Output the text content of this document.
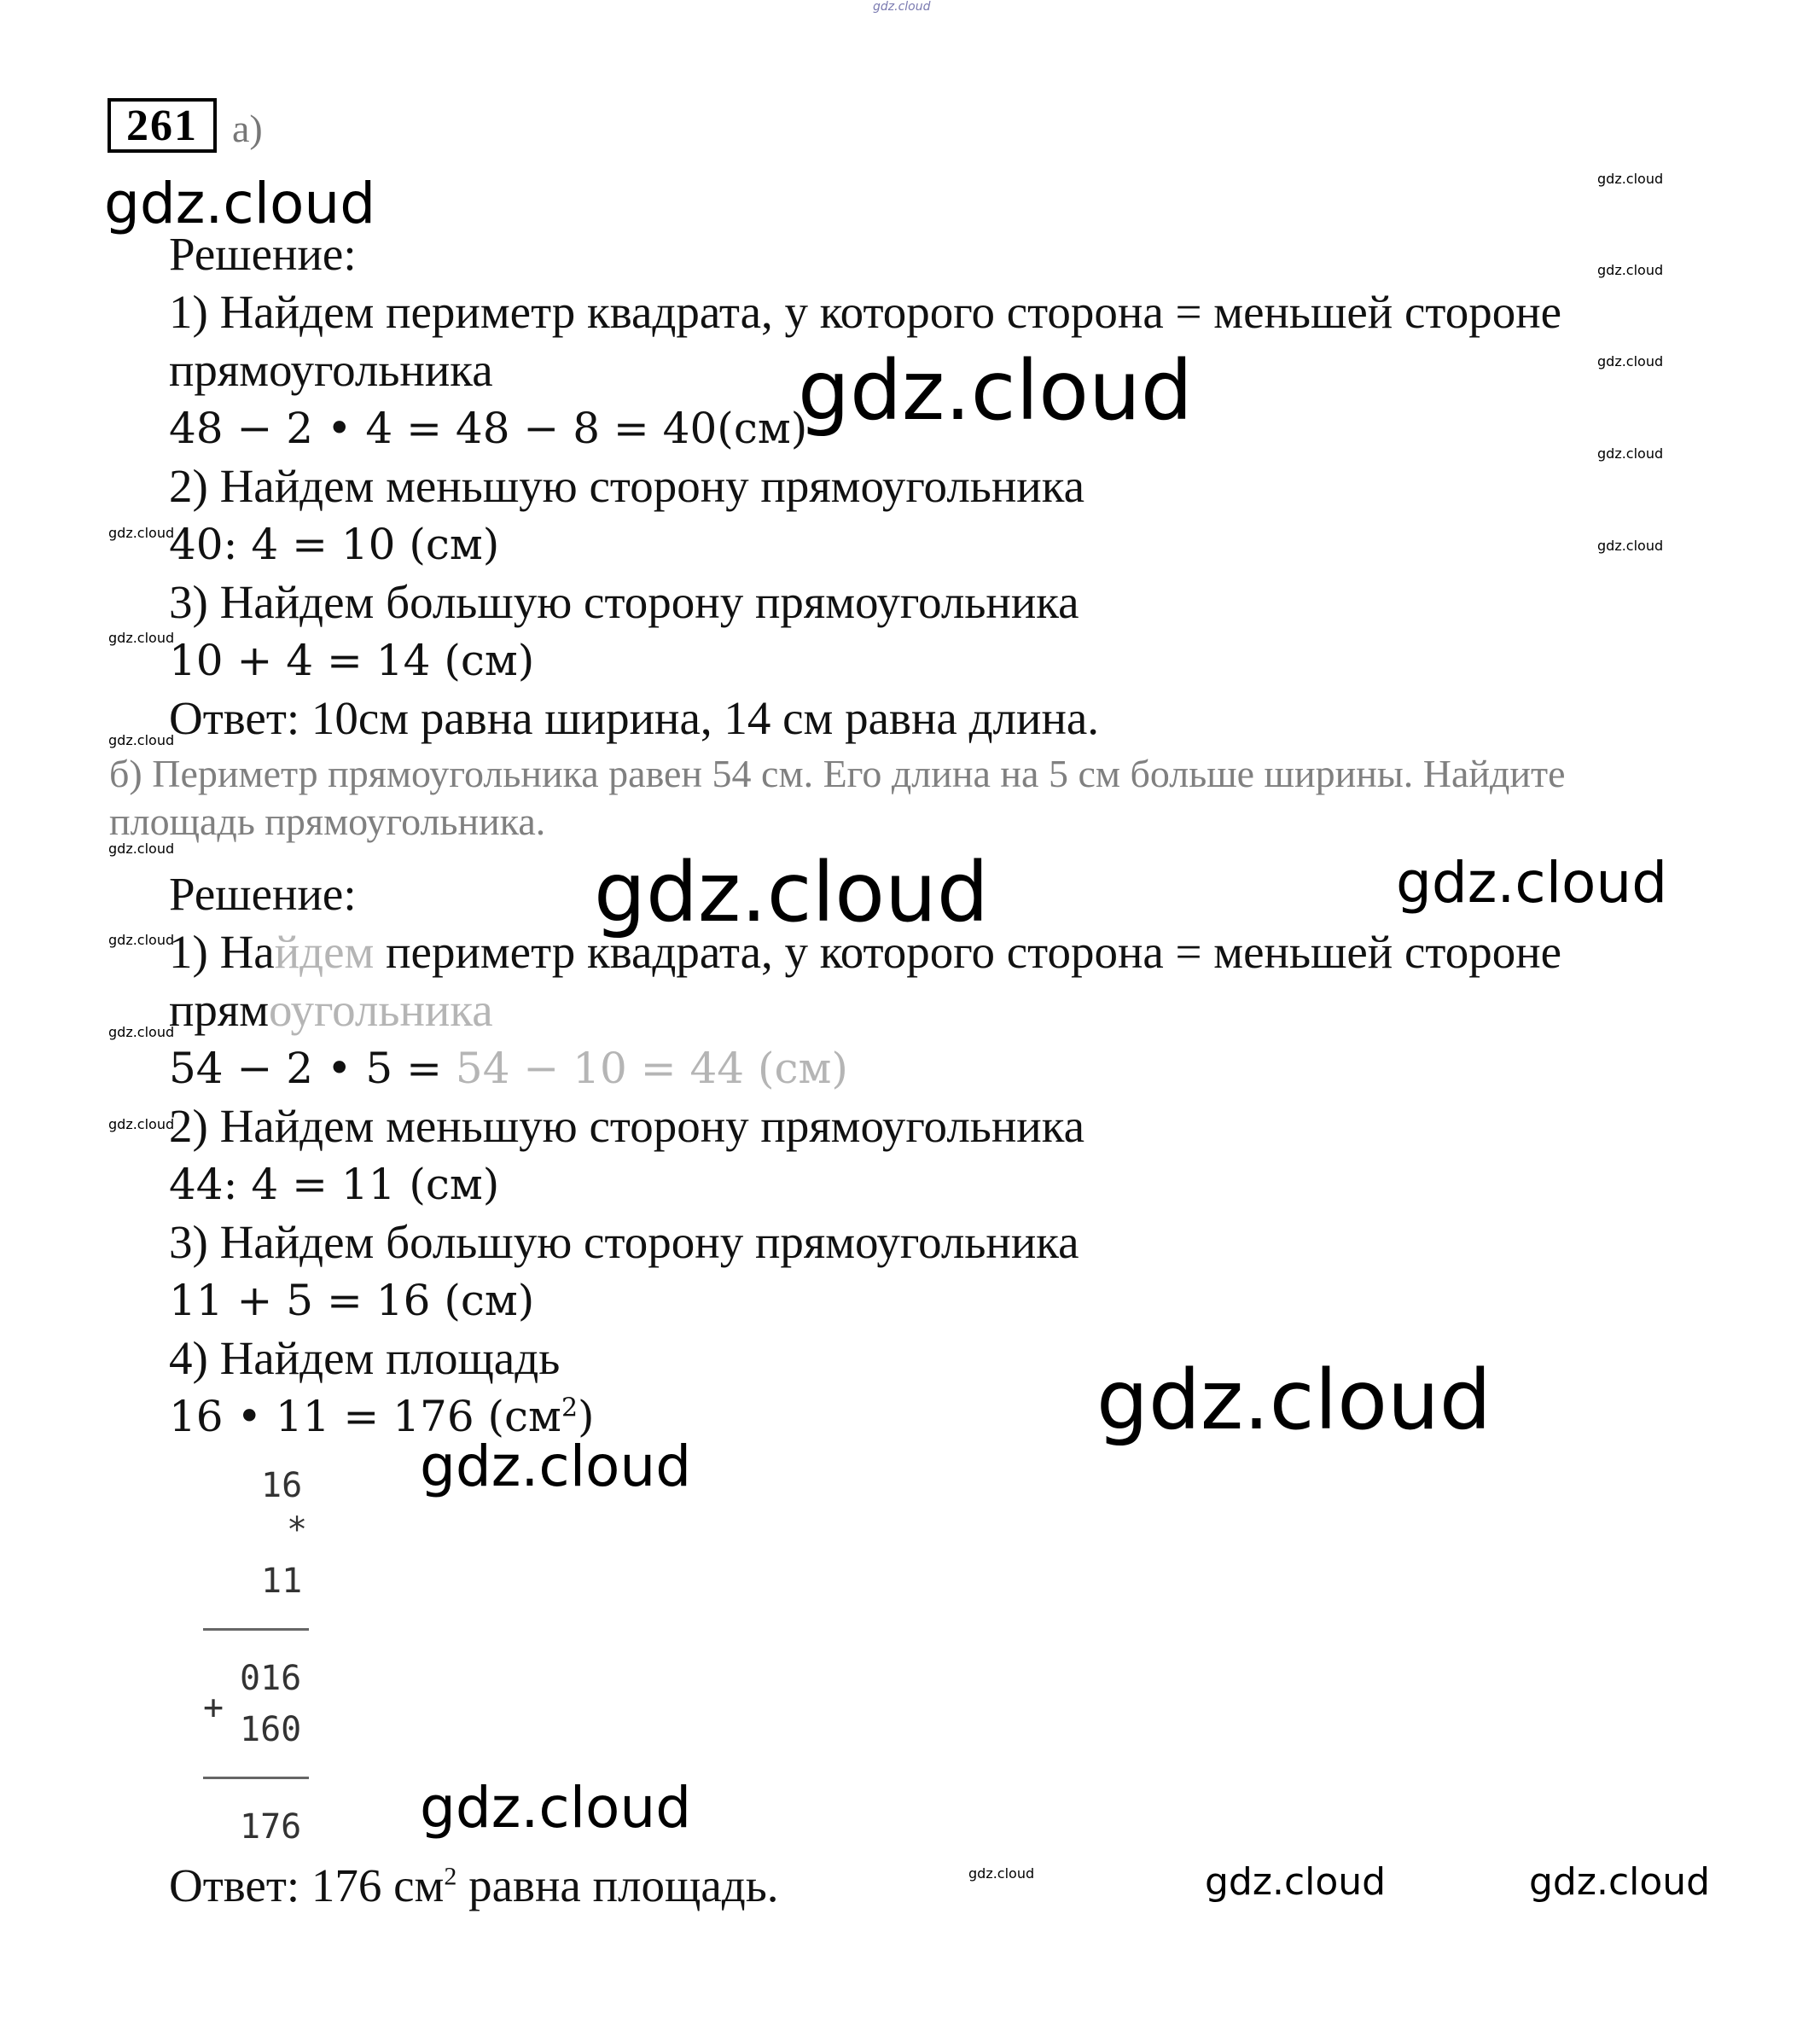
gdz.cloud
261 а)
gdz.cloud
gdz.cloud
gdz.cloud	gdz.cloud
gdz.cloud
gdz.cloud
gdz.cloud
gdz.cloud	gdz.cloud
gdz.cloud
gdz.cloud
gdz.cloud
gdz.cloud
gdz.cloud
gdz.cloud
gdz.cloud
gdz.cloud
gdz.cloud
gdz.cloud
gdz.cloud
gdz.cloud
gdz.cloud
Решение:
1) Найдем периметр квадрата, у которого сторона = меньшей стороне
прямоугольника
48 − 2 • 4 = 48 − 8 = 40(см)
2) Найдем меньшую сторону прямоугольника
40: 4 = 10 (см)
3) Найдем большую сторону прямоугольника
10 + 4 = 14 (см)
Ответ: 10см равна ширина, 14 см равна длина.
б) Периметр прямоугольника равен 54 см. Его длина на 5 см больше ширины. Найдите
площадь прямоугольника.
Решение:
1) Найдем периметр квадрата, у которого сторона = меньшей стороне
прямоугольника
54 − 2 • 5 = 54 − 10 = 44 (см)
2) Найдем меньшую сторону прямоугольника
44: 4 = 11 (см)
3) Найдем большую сторону прямоугольника
11 + 5 = 16 (см)
4) Найдем площадь
16 • 11 = 176 $(см^2)$
16
*
11
016
+
160
176
Ответ: 176 $см^2$ равна площадь.
